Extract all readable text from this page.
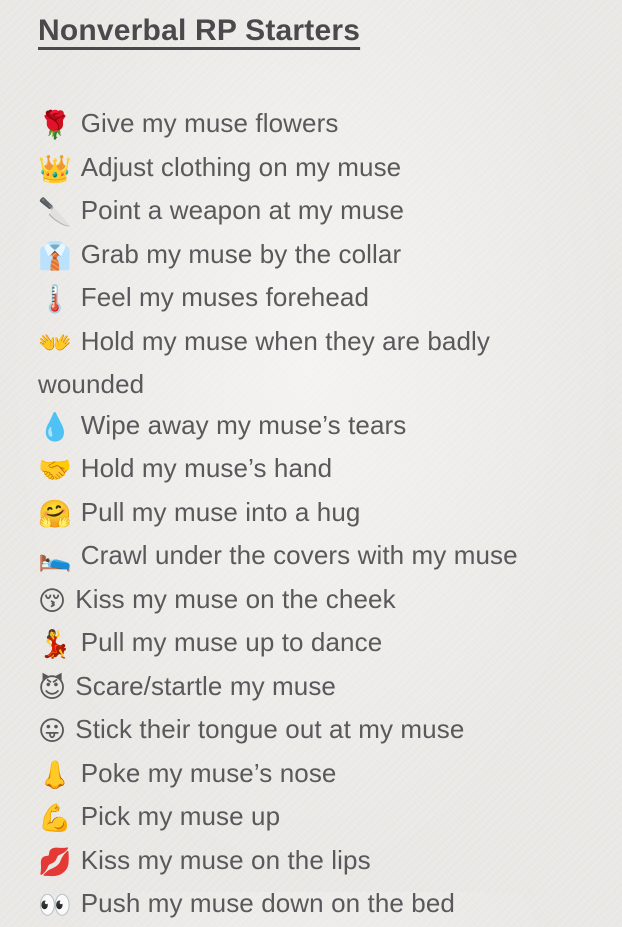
Nonverbal RP Starters
🌹 Give my muse flowers
👑 Adjust clothing on my muse
🔪 Point a weapon at my muse
👔 Grab my muse by the collar
🌡️ Feel my muses forehead
👐 Hold my muse when they are badly wounded
💧 Wipe away my muse’s tears
🤝 Hold my muse’s hand
🤗 Pull my muse into a hug
🛌 Crawl under the covers with my muse
😚 Kiss my muse on the cheek
💃 Pull my muse up to dance
😈 Scare/startle my muse
😛 Stick their tongue out at my muse
👃 Poke my muse’s nose
💪 Pick my muse up
💋 Kiss my muse on the lips
👀 Push my muse down on the bed
